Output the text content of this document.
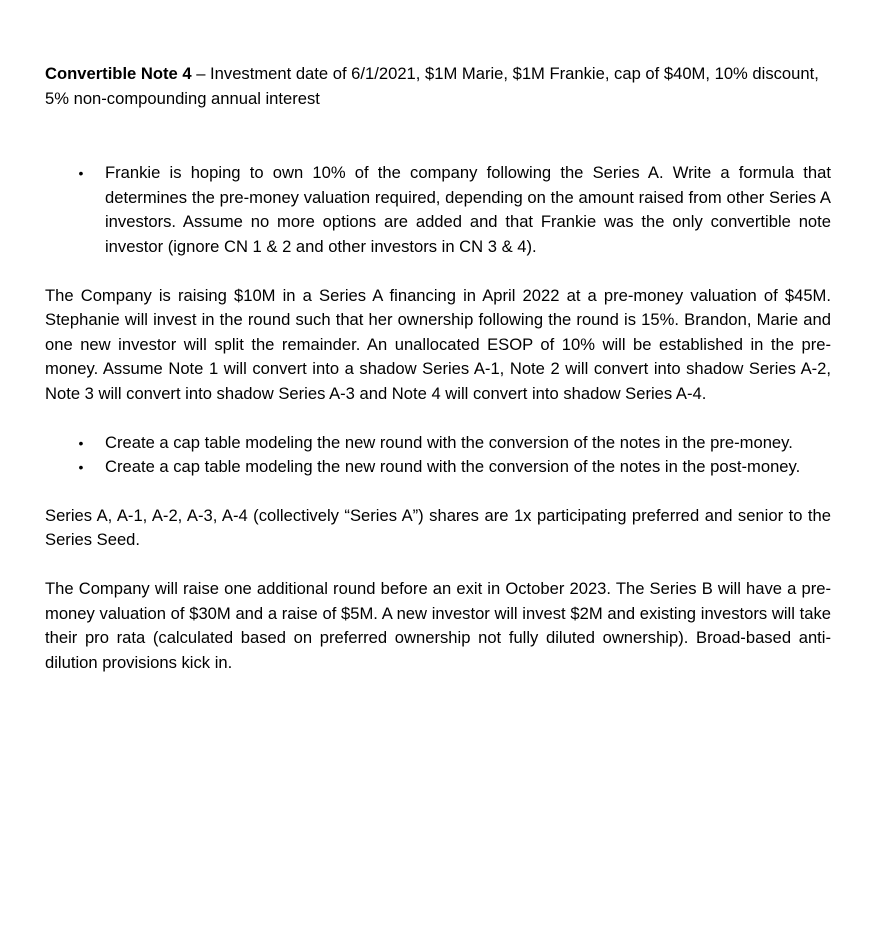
Convertible Note 4 – Investment date of 6/1/2021, $1M Marie, $1M Frankie, cap of $40M, 10% discount, 5% non-compounding annual interest

• Frankie is hoping to own 10% of the company following the Series A. Write a formula that determines the pre-money valuation required, depending on the amount raised from other Series A investors. Assume no more options are added and that Frankie was the only convertible note investor (ignore CN 1 & 2 and other investors in CN 3 & 4).

The Company is raising $10M in a Series A financing in April 2022 at a pre-money valuation of $45M. Stephanie will invest in the round such that her ownership following the round is 15%. Brandon, Marie and one new investor will split the remainder. An unallocated ESOP of 10% will be established in the pre-money. Assume Note 1 will convert into a shadow Series A-1, Note 2 will convert into shadow Series A-2, Note 3 will convert into shadow Series A-3 and Note 4 will convert into shadow Series A-4.

• Create a cap table modeling the new round with the conversion of the notes in the pre-money.
• Create a cap table modeling the new round with the conversion of the notes in the post-money.

Series A, A-1, A-2, A-3, A-4 (collectively “Series A”) shares are 1x participating preferred and senior to the Series Seed.

The Company will raise one additional round before an exit in October 2023. The Series B will have a pre-money valuation of $30M and a raise of $5M. A new investor will invest $2M and existing investors will take their pro rata (calculated based on preferred ownership not fully diluted ownership). Broad-based anti-dilution provisions kick in.
